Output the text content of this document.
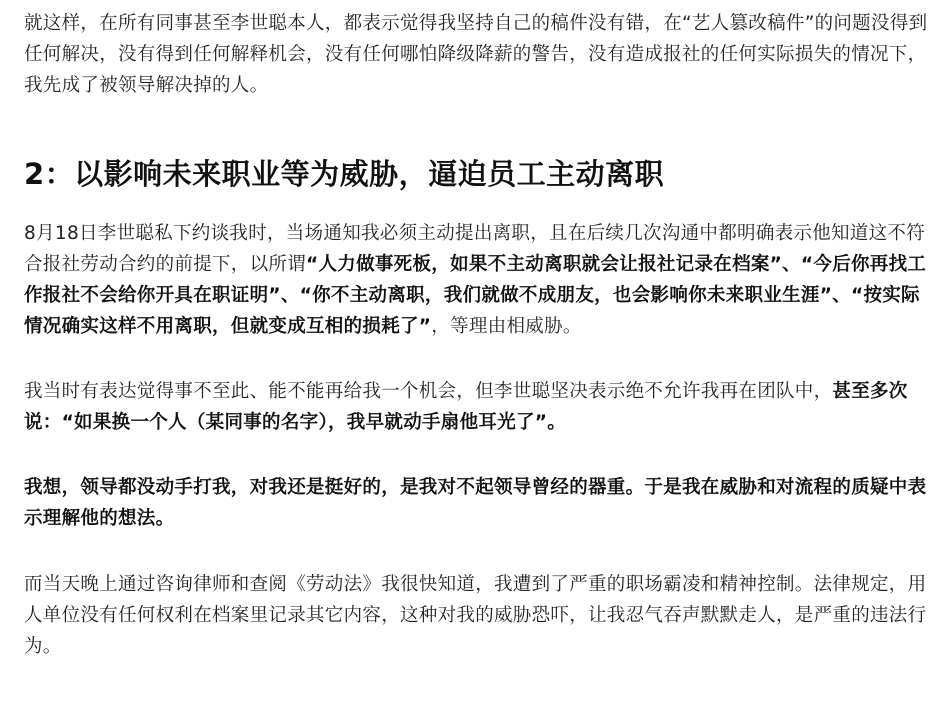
就这样，在所有同事甚至李世聪本人，都表示觉得我坚持自己的稿件没有错，在“艺人篡改稿件”的问题没得到任何解决，没有得到任何解释机会，没有任何哪怕降级降薪的警告，没有造成报社的任何实际损失的情况下，我先成了被领导解决掉的人。

2：以影响未来职业等为威胁，逼迫员工主动离职

8月18日李世聪私下约谈我时，当场通知我必须主动提出离职，且在后续几次沟通中都明确表示他知道这不符合报社劳动合约的前提下，以所谓“人力做事死板，如果不主动离职就会让报社记录在档案”、“今后你再找工作报社不会给你开具在职证明”、“你不主动离职，我们就做不成朋友，也会影响你未来职业生涯”、“按实际情况确实这样不用离职，但就变成互相的损耗了”，等理由相威胁。

我当时有表达觉得事不至此、能不能再给我一个机会，但李世聪坚决表示绝不允许我再在团队中，甚至多次说：“如果换一个人（某同事的名字），我早就动手扇他耳光了”。

我想，领导都没动手打我，对我还是挺好的，是我对不起领导曾经的器重。于是我在威胁和对流程的质疑中表示理解他的想法。

而当天晚上通过咨询律师和查阅《劳动法》我很快知道，我遭到了严重的职场霸凌和精神控制。法律规定，用人单位没有任何权利在档案里记录其它内容，这种对我的威胁恐吓，让我忍气吞声默默走人，是严重的违法行为。
